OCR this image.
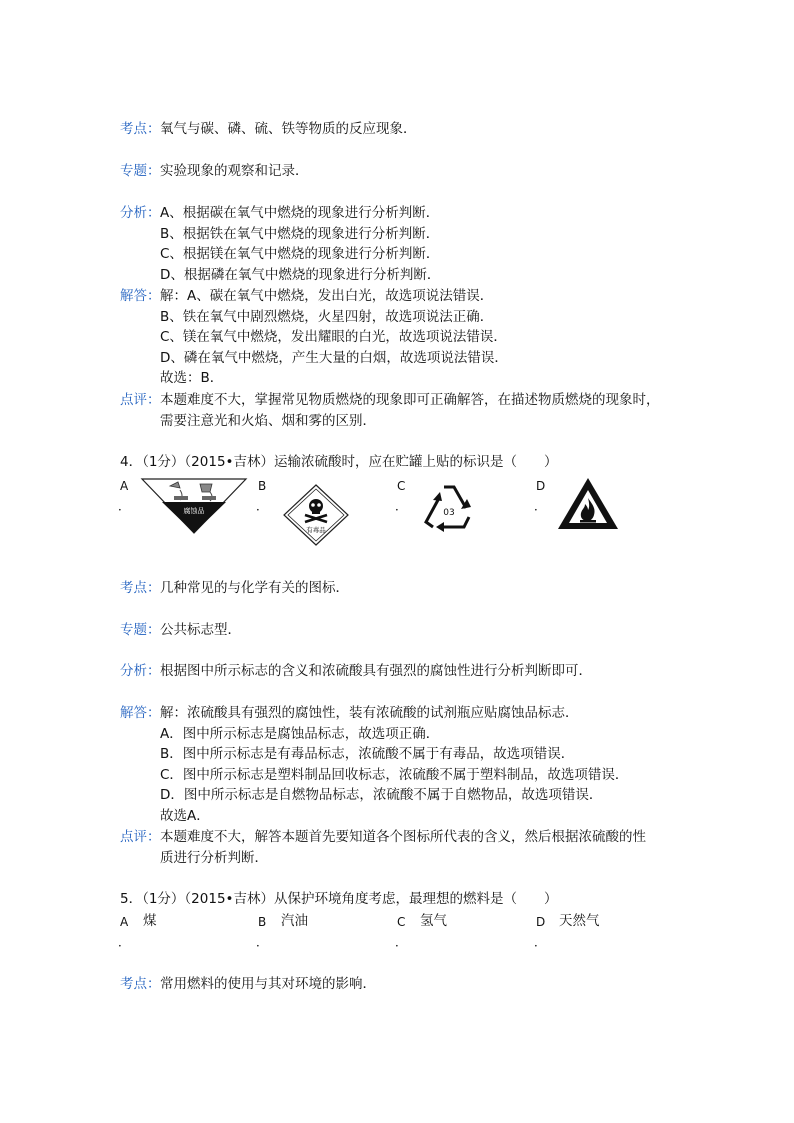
考点：氧气与碳、磷、硫、铁等物质的反应现象．
专题：实验现象的观察和记录．
分析： A、根据碳在氧气中燃烧的现象进行分析判断．
B、根据铁在氧气中燃烧的现象进行分析判断．
C、根据镁在氧气中燃烧的现象进行分析判断．
D、根据磷在氧气中燃烧的现象进行分析判断．
解答： 解：A、碳在氧气中燃烧，发出白光，故选项说法错误．
B、铁在氧气中剧烈燃烧，火星四射，故选项说法正确．
C、镁在氧气中燃烧，发出耀眼的白光，故选项说法错误．
D、磷在氧气中燃烧，产生大量的白烟，故选项说法错误．
故选：B．
点评： 本题难度不大，掌握常见物质燃烧的现象即可正确解答，在描述物质燃烧的现象时，
需要注意光和火焰、烟和雾的区别．
4．（1分）（2015•吉林）运输浓硫酸时，应在贮罐上贴的标识是（　　）
A
．	腐蚀品
B
．
有毒品
C
．	03
D
．
考点：几种常见的与化学有关的图标．
专题：公共标志型．
分析：根据图中所示标志的含义和浓硫酸具有强烈的腐蚀性进行分析判断即可．
解答： 解：浓硫酸具有强烈的腐蚀性，装有浓硫酸的试剂瓶应贴腐蚀品标志．
A．图中所示标志是腐蚀品标志，故选项正确．
B．图中所示标志是有毒品标志，浓硫酸不属于有毒品，故选项错误．
C．图中所示标志是塑料制品回收标志，浓硫酸不属于塑料制品，故选项错误．
D．图中所示标志是自燃物品标志，浓硫酸不属于自燃物品，故选项错误．
故选A．
点评： 本题难度不大，解答本题首先要知道各个图标所代表的含义，然后根据浓硫酸的性
质进行分析判断．
5．（1分）（2015•吉林）从保护环境角度考虑，最理想的燃料是（　　）
A 煤
．
B 汽油
．
C 氢气
．
D 天然气
．
考点：常用燃料的使用与其对环境的影响．
